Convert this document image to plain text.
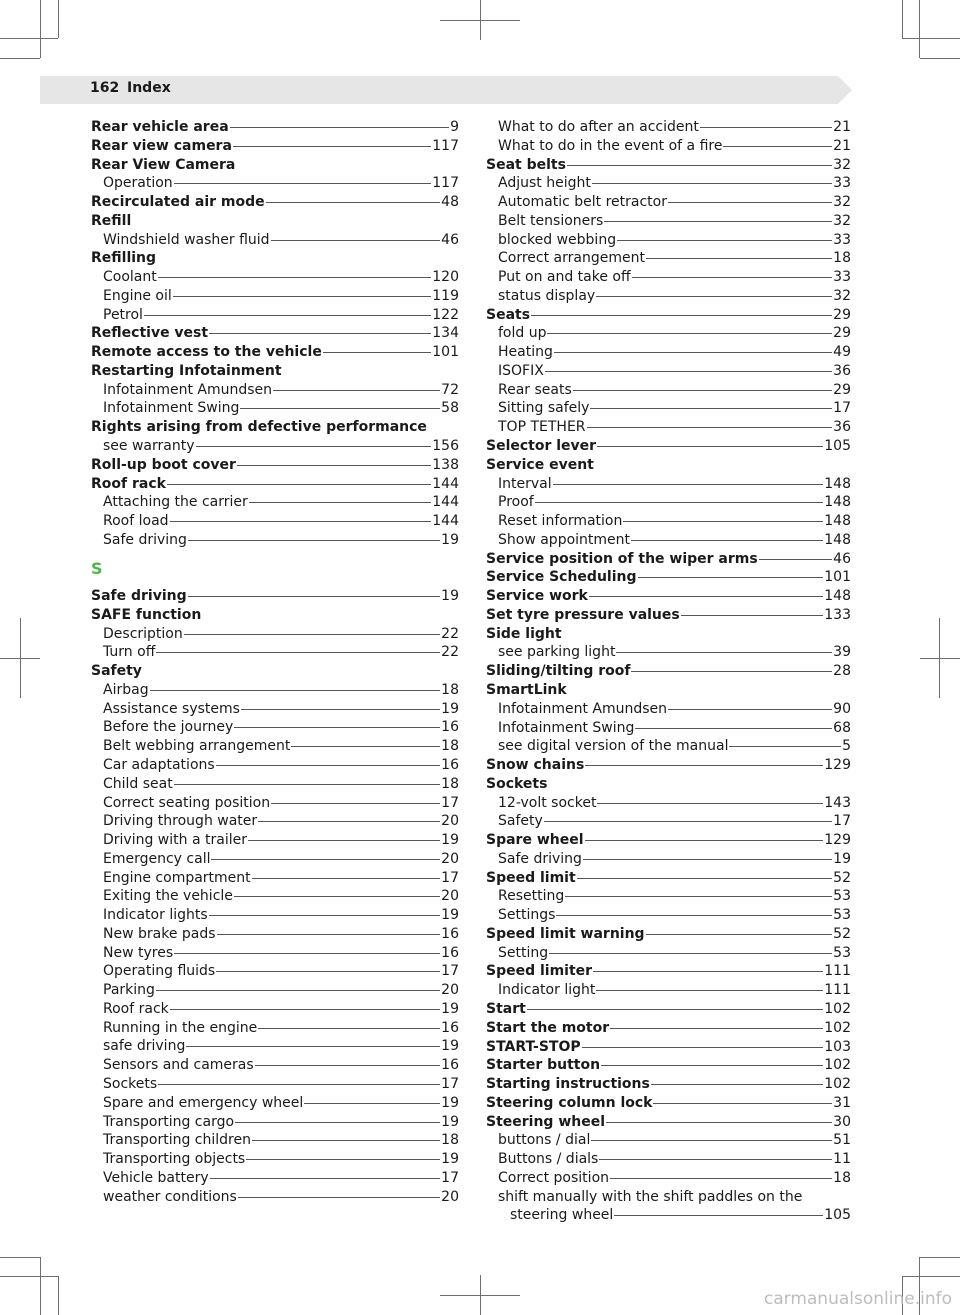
162 Index
Rear vehicle area	9
Rear view camera	117
Rear View Camera
Operation	117
Recirculated air mode	48
Refill
Windshield washer fluid	46
Refilling
Coolant	120
Engine oil	119
Petrol	122
Reflective vest	134
Remote access to the vehicle	101
Restarting Infotainment
Infotainment Amundsen	72
Infotainment Swing	58
Rights arising from defective performance
see warranty	156
Roll-up boot cover	138
Roof rack	144
Attaching the carrier	144
Roof load	144
Safe driving	19
S
Safe driving	19
SAFE function
Description	22
Turn off	22
Safety
Airbag	18
Assistance systems	19
Before the journey	16
Belt webbing arrangement	18
Car adaptations	16
Child seat	18
Correct seating position	17
Driving through water	20
Driving with a trailer	19
Emergency call	20
Engine compartment	17
Exiting the vehicle	20
Indicator lights	19
New brake pads	16
New tyres	16
Operating fluids	17
Parking	20
Roof rack	19
Running in the engine	16
safe driving	19
Sensors and cameras	16
Sockets	17
Spare and emergency wheel	19
Transporting cargo	19
Transporting children	18
Transporting objects	19
Vehicle battery	17
weather conditions	20
What to do after an accident	21
What to do in the event of a fire	21
Seat belts	32
Adjust height	33
Automatic belt retractor	32
Belt tensioners	32
blocked webbing	33
Correct arrangement	18
Put on and take off	33
status display	32
Seats	29
fold up	29
Heating	49
ISOFIX	36
Rear seats	29
Sitting safely	17
TOP TETHER	36
Selector lever	105
Service event
Interval	148
Proof	148
Reset information	148
Show appointment	148
Service position of the wiper arms	46
Service Scheduling	101
Service work	148
Set tyre pressure values	133
Side light
see parking light	39
Sliding/tilting roof	28
SmartLink
Infotainment Amundsen	90
Infotainment Swing	68
see digital version of the manual	5
Snow chains	129
Sockets
12-volt socket	143
Safety	17
Spare wheel	129
Safe driving	19
Speed limit	52
Resetting	53
Settings	53
Speed limit warning	52
Setting	53
Speed limiter	111
Indicator light	111
Start	102
Start the motor	102
START-STOP	103
Starter button	102
Starting instructions	102
Steering column lock	31
Steering wheel	30
buttons / dial	51
Buttons / dials	11
Correct position	18
shift manually with the shift paddles on the
steering wheel	105
carmanualsonline.info
